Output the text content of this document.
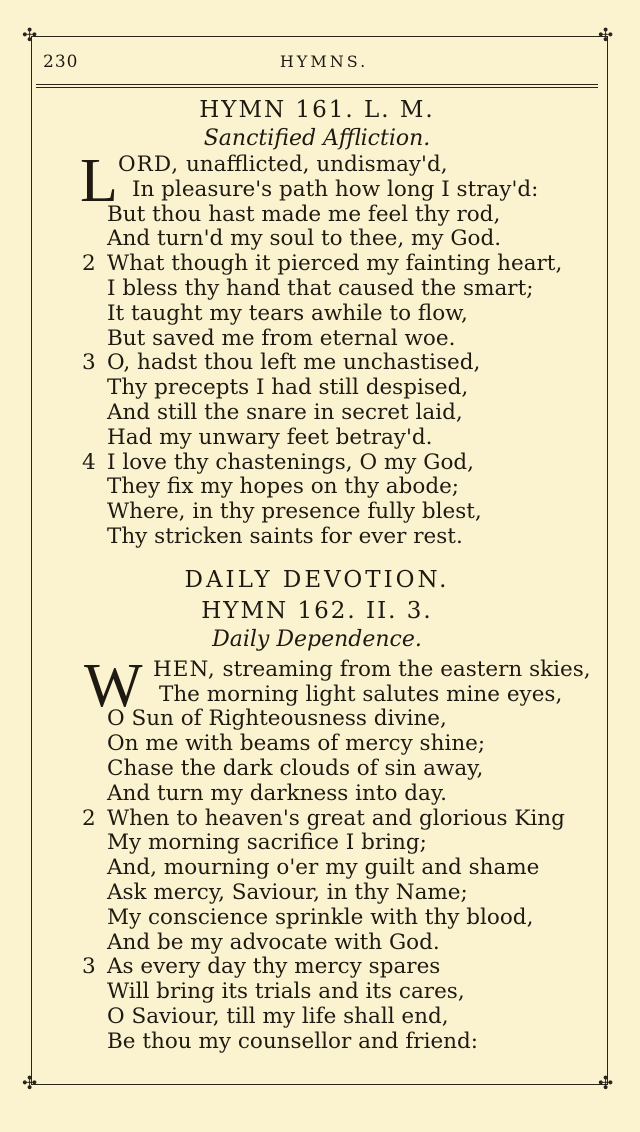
✣	✣
✣	✣
230	HYMNS.
HYMN 161. L. M.
Sanctified Affliction.
L ORD, unafflicted, undismay'd,
In pleasure's path how long I stray'd:
But thou hast made me feel thy rod,
And turn'd my soul to thee, my God.
2 What though it pierced my fainting heart,
I bless thy hand that caused the smart;
It taught my tears awhile to flow,
But saved me from eternal woe.
3 O, hadst thou left me unchastised,
Thy precepts I had still despised,
And still the snare in secret laid,
Had my unwary feet betray'd.
4 I love thy chastenings, O my God,
They fix my hopes on thy abode;
Where, in thy presence fully blest,
Thy stricken saints for ever rest.
DAILY DEVOTION.
HYMN 162. II. 3.
Daily Dependence.
W HEN, streaming from the eastern skies,
The morning light salutes mine eyes,
O Sun of Righteousness divine,
On me with beams of mercy shine;
Chase the dark clouds of sin away,
And turn my darkness into day.
2 When to heaven's great and glorious King
My morning sacrifice I bring;
And, mourning o'er my guilt and shame
Ask mercy, Saviour, in thy Name;
My conscience sprinkle with thy blood,
And be my advocate with God.
3 As every day thy mercy spares
Will bring its trials and its cares,
O Saviour, till my life shall end,
Be thou my counsellor and friend:
